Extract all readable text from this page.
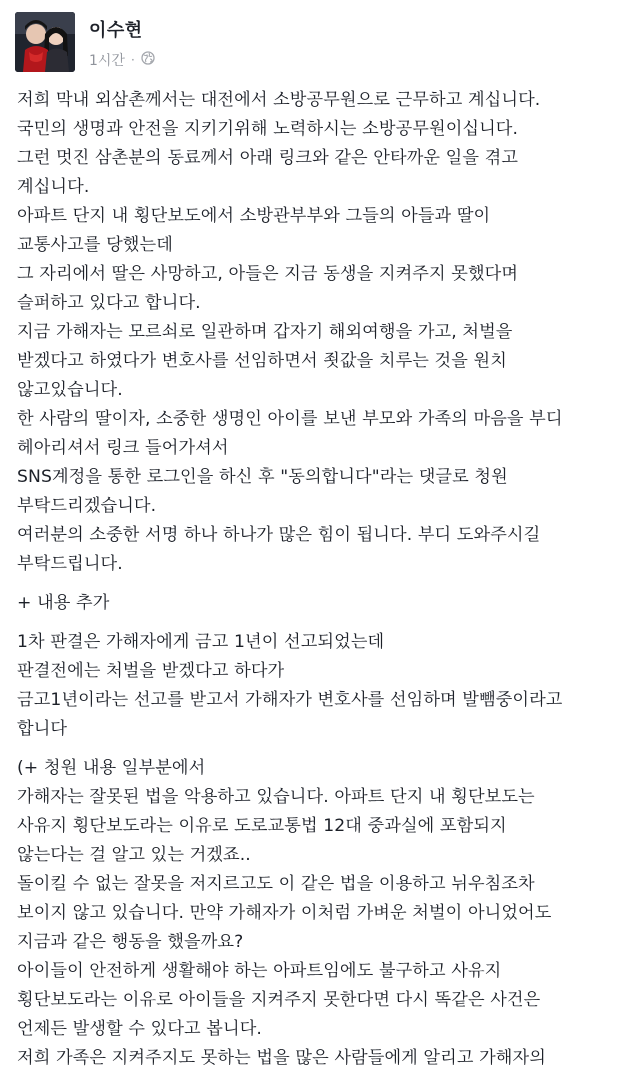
이수현
1시간 ·
저희 막내 외삼촌께서는 대전에서 소방공무원으로 근무하고 계십니다.
국민의 생명과 안전을 지키기위해 노력하시는 소방공무원이십니다.
그런 멋진 삼촌분의 동료께서 아래 링크와 같은 안타까운 일을 겪고
계십니다.
아파트 단지 내 횡단보도에서 소방관부부와 그들의 아들과 딸이
교통사고를 당했는데
그 자리에서 딸은 사망하고, 아들은 지금 동생을 지켜주지 못했다며
슬퍼하고 있다고 합니다.
지금 가해자는 모르쇠로 일관하며 갑자기 해외여행을 가고, 처벌을
받겠다고 하였다가 변호사를 선임하면서 죗값을 치루는 것을 원치
않고있습니다.
한 사람의 딸이자, 소중한 생명인 아이를 보낸 부모와 가족의 마음을 부디
헤아리셔서 링크 들어가셔서
SNS계정을 통한 로그인을 하신 후 "동의합니다"라는 댓글로 청원
부탁드리겠습니다.
여러분의 소중한 서명 하나 하나가 많은 힘이 됩니다. 부디 도와주시길
부탁드립니다.
+ 내용 추가
1차 판결은 가해자에게 금고 1년이 선고되었는데
판결전에는 처벌을 받겠다고 하다가
금고1년이라는 선고를 받고서 가해자가 변호사를 선임하며 발뺌중이라고
합니다
(+ 청원 내용 일부분에서
가해자는 잘못된 법을 악용하고 있습니다. 아파트 단지 내 횡단보도는
사유지 횡단보도라는 이유로 도로교통법 12대 중과실에 포함되지
않는다는 걸 알고 있는 거겠죠..
돌이킬 수 없는 잘못을 저지르고도 이 같은 법을 이용하고 뉘우침조차
보이지 않고 있습니다. 만약 가해자가 이처럼 가벼운 처벌이 아니었어도
지금과 같은 행동을 했을까요?
아이들이 안전하게 생활해야 하는 아파트임에도 불구하고 사유지
횡단보도라는 이유로 아이들을 지켜주지 못한다면 다시 똑같은 사건은
언제든 발생할 수 있다고 봅니다.
저희 가족은 지켜주지도 못하는 법을 많은 사람들에게 알리고 가해자의
